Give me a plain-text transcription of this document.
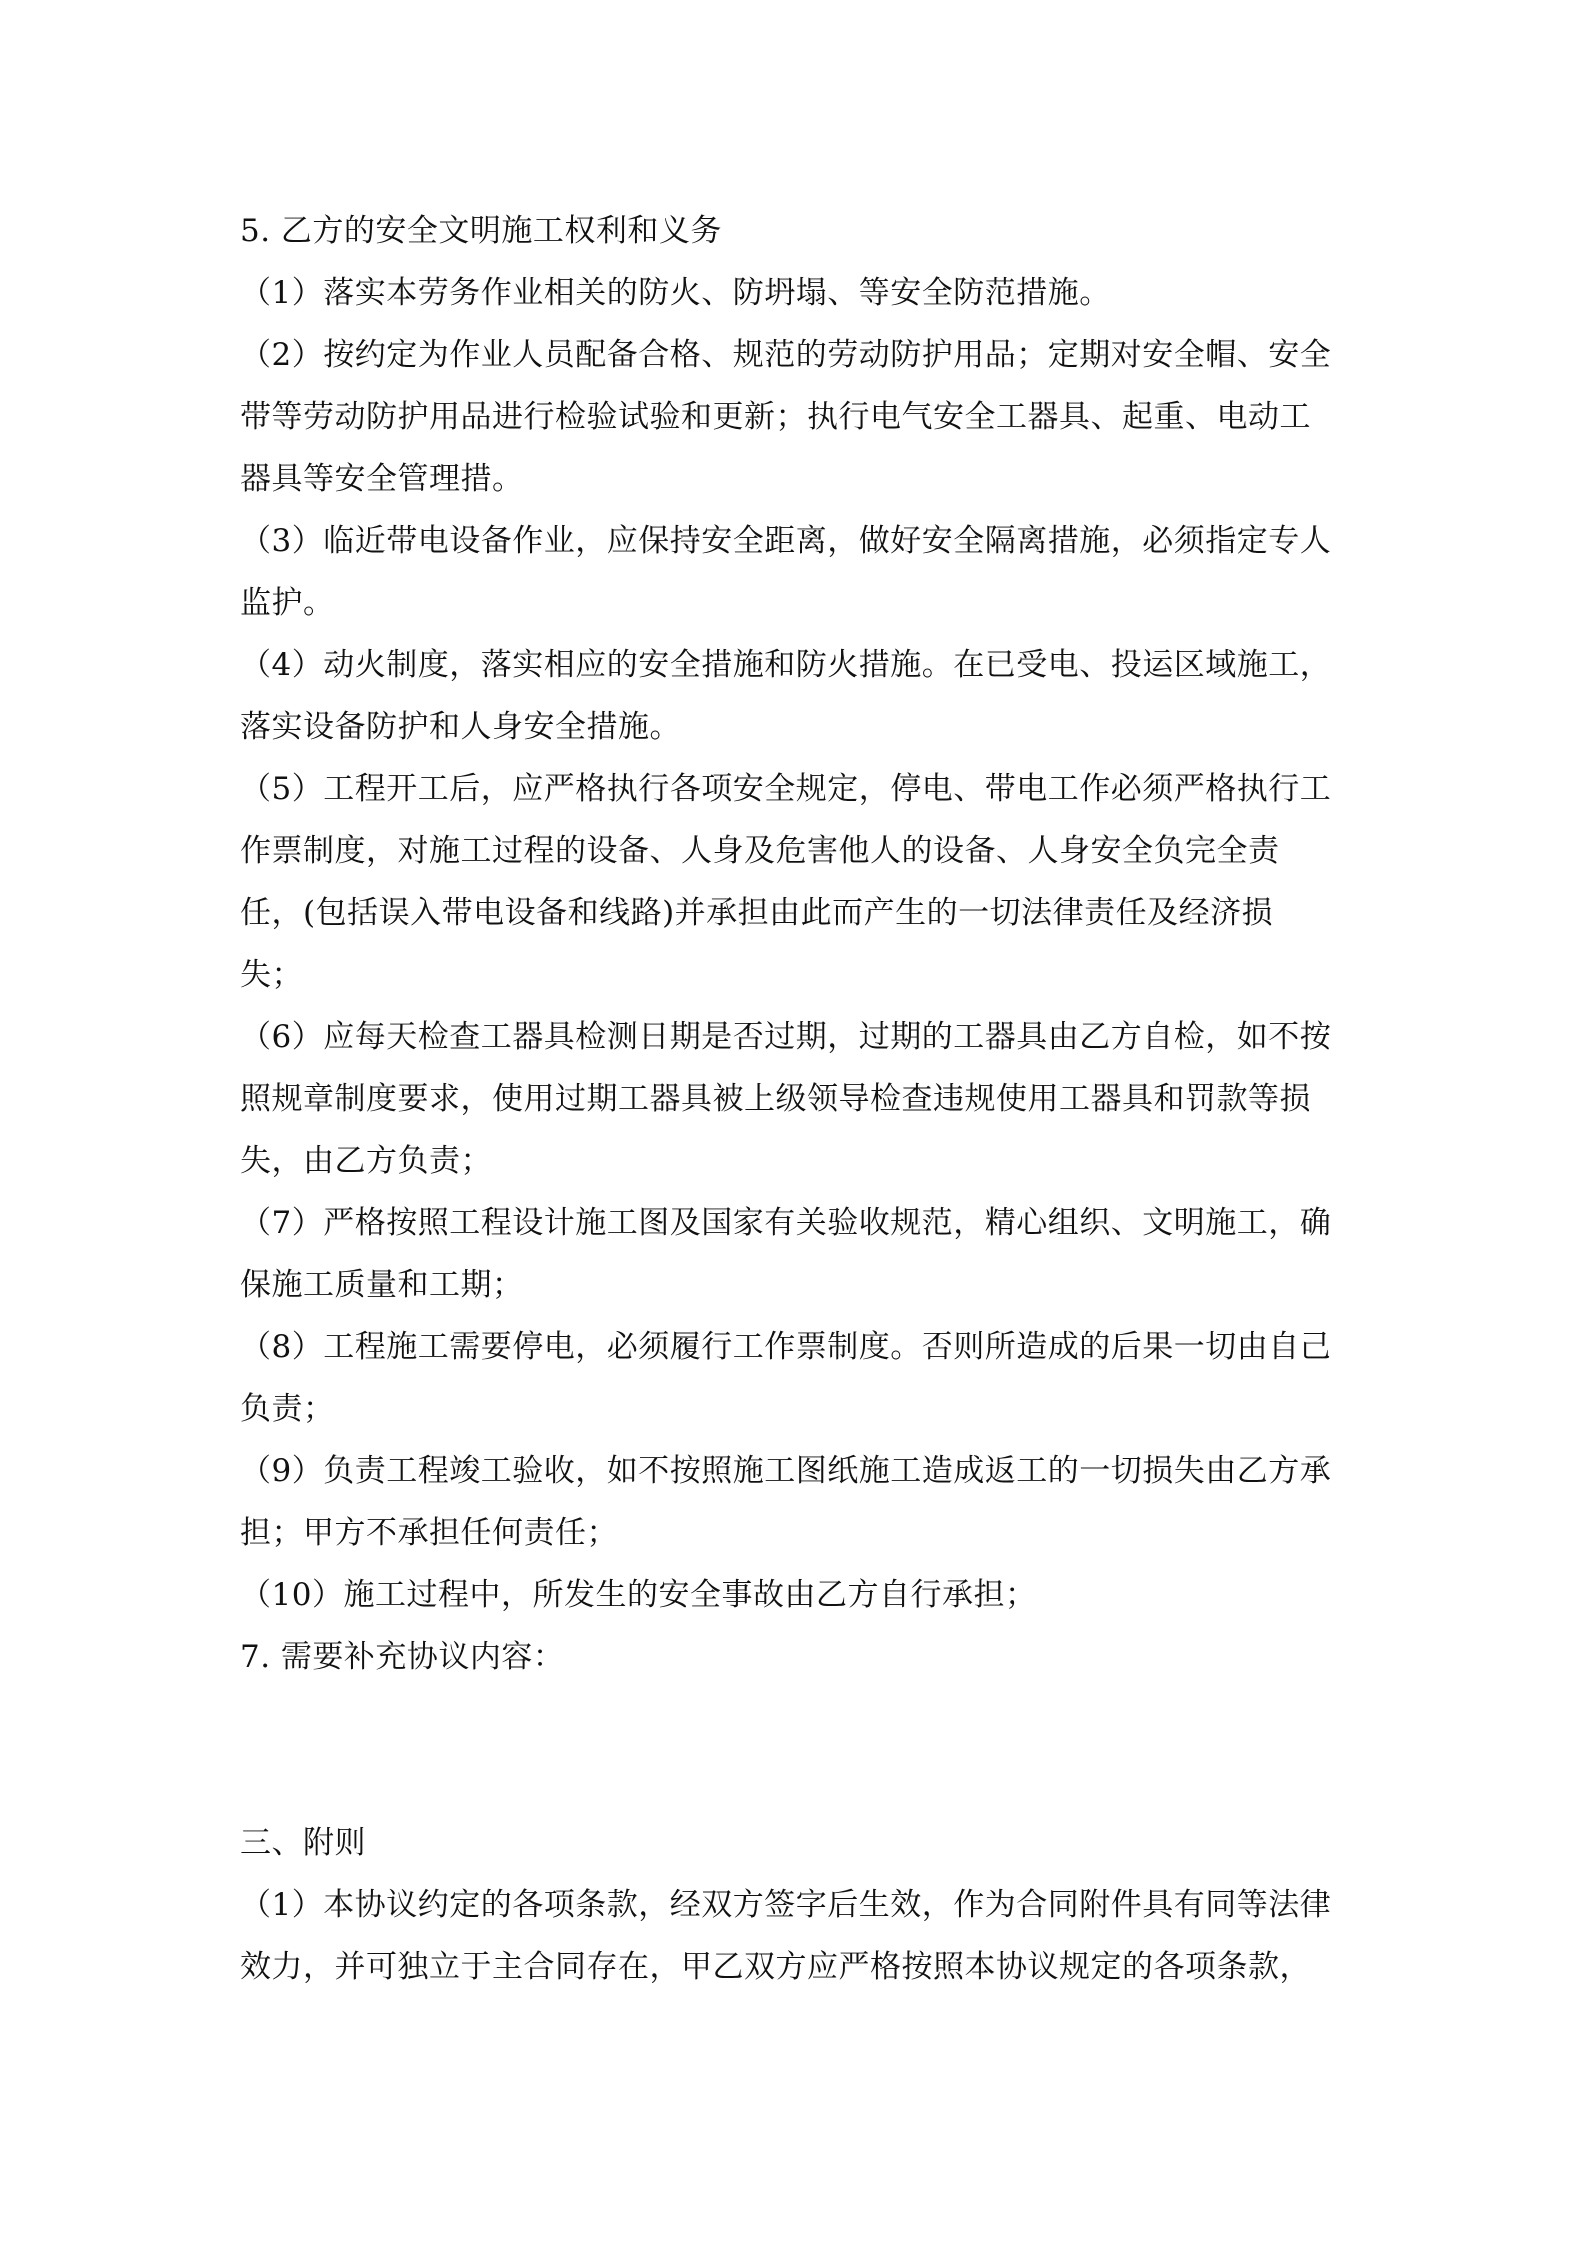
5. 乙方的安全文明施工权利和义务

（1）落实本劳务作业相关的防火、防坍塌、等安全防范措施。

（2）按约定为作业人员配备合格、规范的劳动防护用品；定期对安全帽、安全

带等劳动防护用品进行检验试验和更新；执行电气安全工器具、起重、电动工

器具等安全管理措。

（3）临近带电设备作业，应保持安全距离，做好安全隔离措施，必须指定专人

监护。

（4）动火制度，落实相应的安全措施和防火措施。在已受电、投运区域施工，

落实设备防护和人身安全措施。

（5）工程开工后，应严格执行各项安全规定，停电、带电工作必须严格执行工

作票制度，对施工过程的设备、人身及危害他人的设备、人身安全负完全责

任，(包括误入带电设备和线路)并承担由此而产生的一切法律责任及经济损

失；

（6）应每天检查工器具检测日期是否过期，过期的工器具由乙方自检，如不按

照规章制度要求，使用过期工器具被上级领导检查违规使用工器具和罚款等损

失，由乙方负责；

（7）严格按照工程设计施工图及国家有关验收规范，精心组织、文明施工，确

保施工质量和工期；

（8）工程施工需要停电，必须履行工作票制度。否则所造成的后果一切由自己

负责；

（9）负责工程竣工验收，如不按照施工图纸施工造成返工的一切损失由乙方承

担；甲方不承担任何责任；

（10）施工过程中，所发生的安全事故由乙方自行承担；

7. 需要补充协议内容：

三、附则

（1）本协议约定的各项条款，经双方签字后生效，作为合同附件具有同等法律

效力，并可独立于主合同存在，甲乙双方应严格按照本协议规定的各项条款，
